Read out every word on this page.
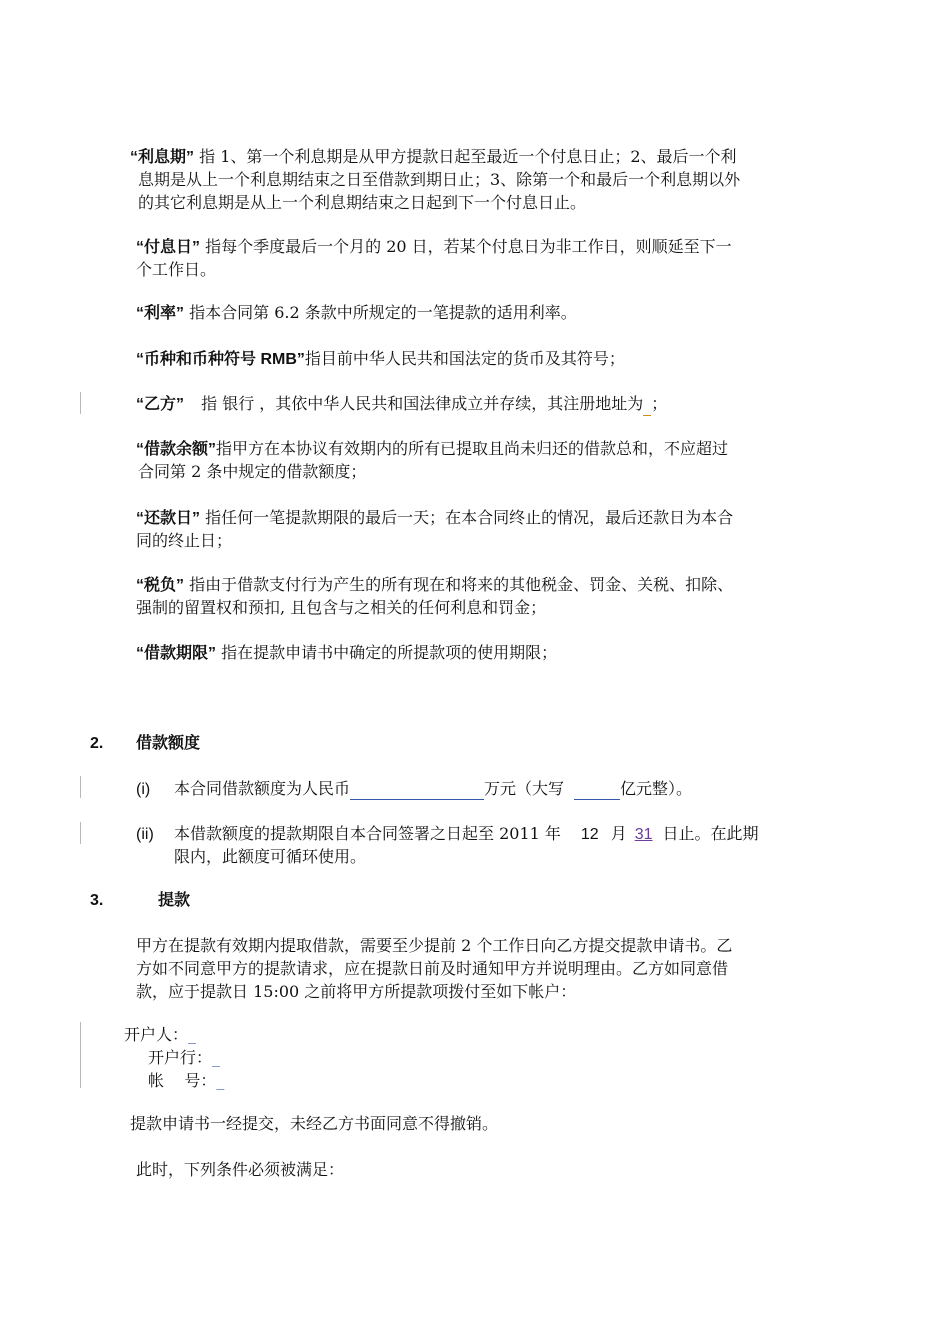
“利息期” 指 1、第一个利息期是从甲方提款日起至最近一个付息日止；2、最后一个利
息期是从上一个利息期结束之日至借款到期日止；3、除第一个和最后一个利息期以外
的其它利息期是从上一个利息期结束之日起到下一个付息日止。
“付息日” 指每个季度最后一个月的 20 日，若某个付息日为非工作日，则顺延至下一
个工作日。
“利率” 指本合同第 6.2 条款中所规定的一笔提款的适用利率。
“币种和币种符号 RMB”指目前中华人民共和国法定的货币及其符号；
“乙方” 指 银行 ，其依中华人民共和国法律成立并存续，其注册地址为 ；
“借款余额”指甲方在本协议有效期内的所有已提取且尚未归还的借款总和，不应超过
合同第 2 条中规定的借款额度；
“还款日” 指任何一笔提款期限的最后一天；在本合同终止的情况，最后还款日为本合
同的终止日；
“税负” 指由于借款支付行为产生的所有现在和将来的其他税金、罚金、关税、扣除、
强制的留置权和预扣, 且包含与之相关的任何利息和罚金；
“借款期限” 指在提款申请书中确定的所提款项的使用期限；
2. 借款额度
(i) 本合同借款额度为人民币	万元（大写	亿元整）。
(ii) 本借款额度的提款期限自本合同签署之日起至 2011 年 12 月 31 日止。在此期
限内，此额度可循环使用。
3.	提款
甲方在提款有效期内提取借款，需要至少提前 2 个工作日向乙方提交提款申请书。乙
方如不同意甲方的提款请求，应在提款日前及时通知甲方并说明理由。乙方如同意借
款，应于提款日 15:00 之前将甲方所提款项拨付至如下帐户：
开户人：_
开户行：_
帐    号：_
提款申请书一经提交，未经乙方书面同意不得撤销。
此时，下列条件必须被满足：
